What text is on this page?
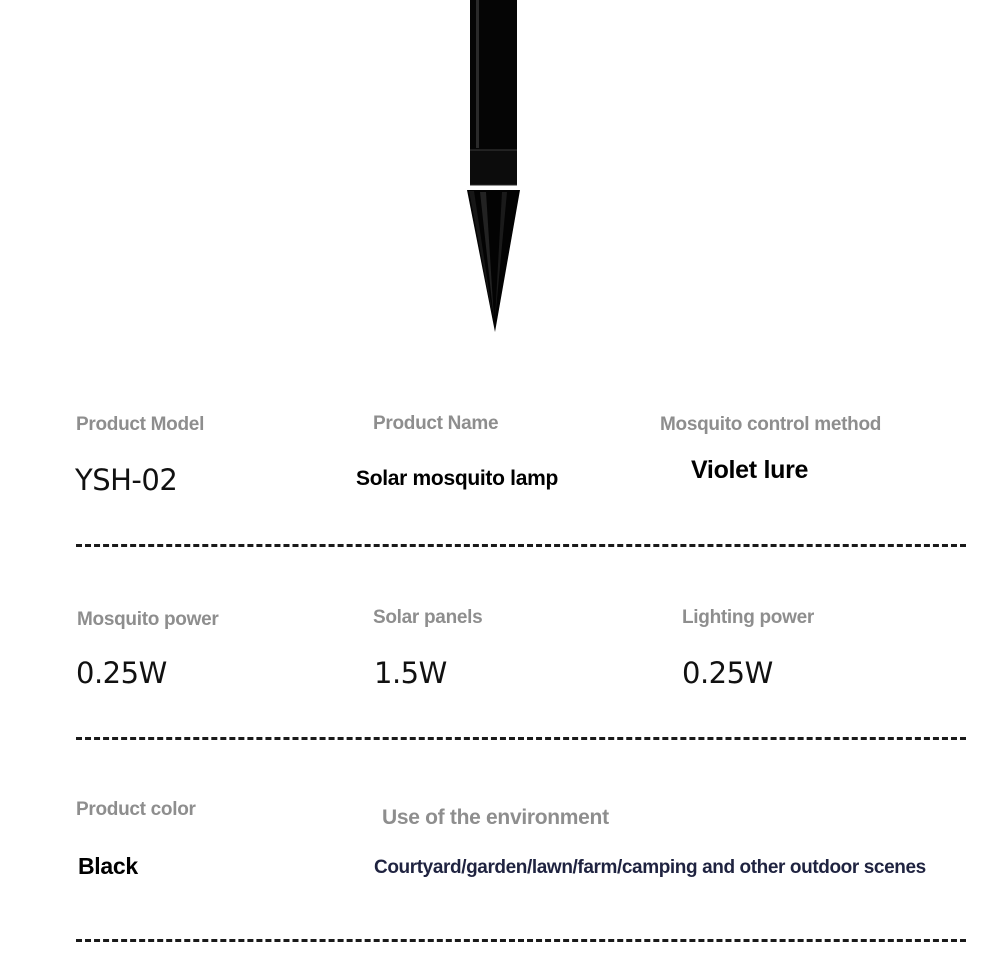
Product Model

YSH-02

Product Name

Solar mosquito lamp

Mosquito control method

Violet lure

Mosquito power

0.25W

Solar panels

1.5W

Lighting power

0.25W

Product color

Black

Use of the environment

Courtyard/garden/lawn/farm/camping and other outdoor scenes
